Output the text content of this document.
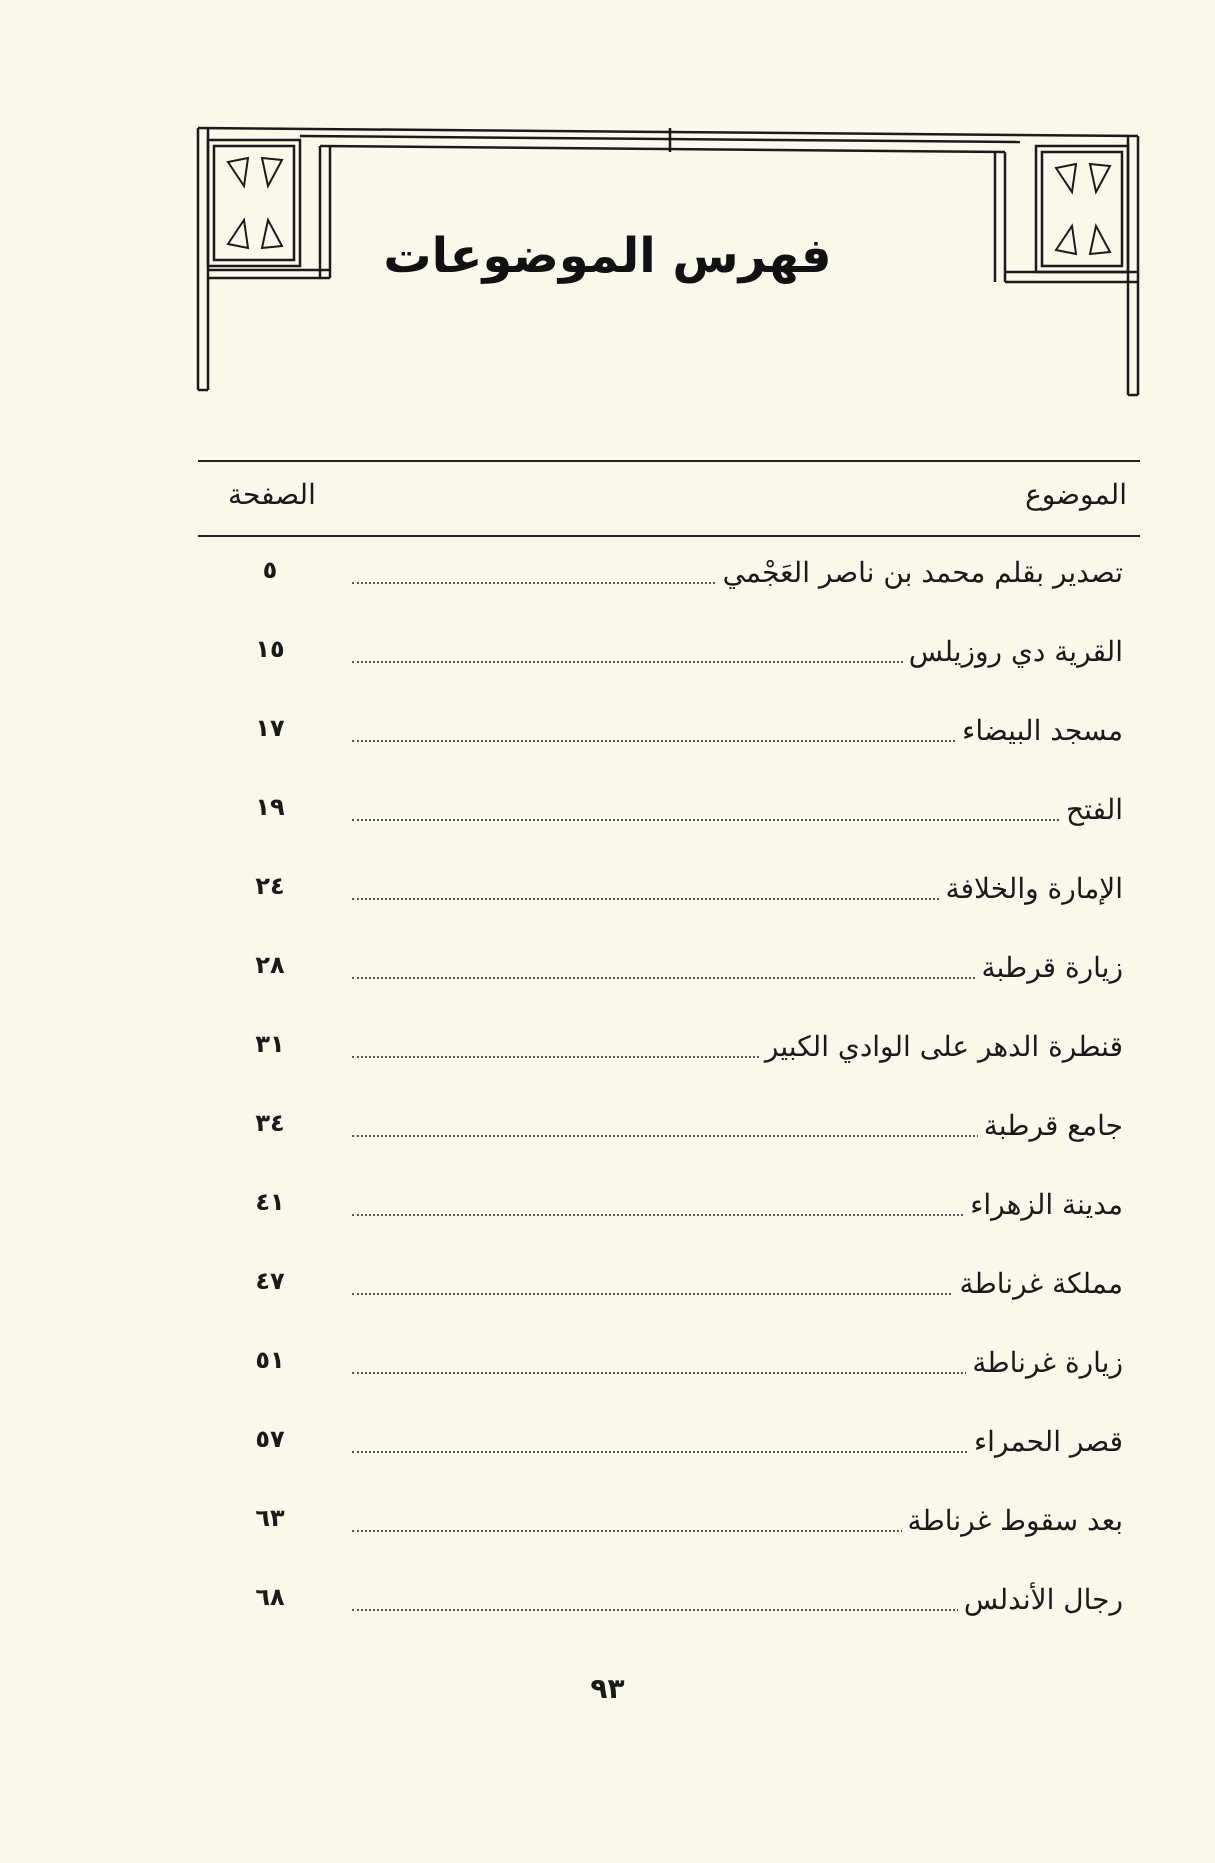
فهرس الموضوعات
الموضوع
الصفحة
تصدير بقلم محمد بن ناصر العَجْمي
٥
القرية دي روزيلس
١٥
مسجد البيضاء
١٧
الفتح
١٩
الإمارة والخلافة
٢٤
زيارة قرطبة
٢٨
قنطرة الدهر على الوادي الكبير
٣١
جامع قرطبة
٣٤
مدينة الزهراء
٤١
مملكة غرناطة
٤٧
زيارة غرناطة
٥١
قصر الحمراء
٥٧
بعد سقوط غرناطة
٦٣
رجال الأندلس
٦٨
٩٣
